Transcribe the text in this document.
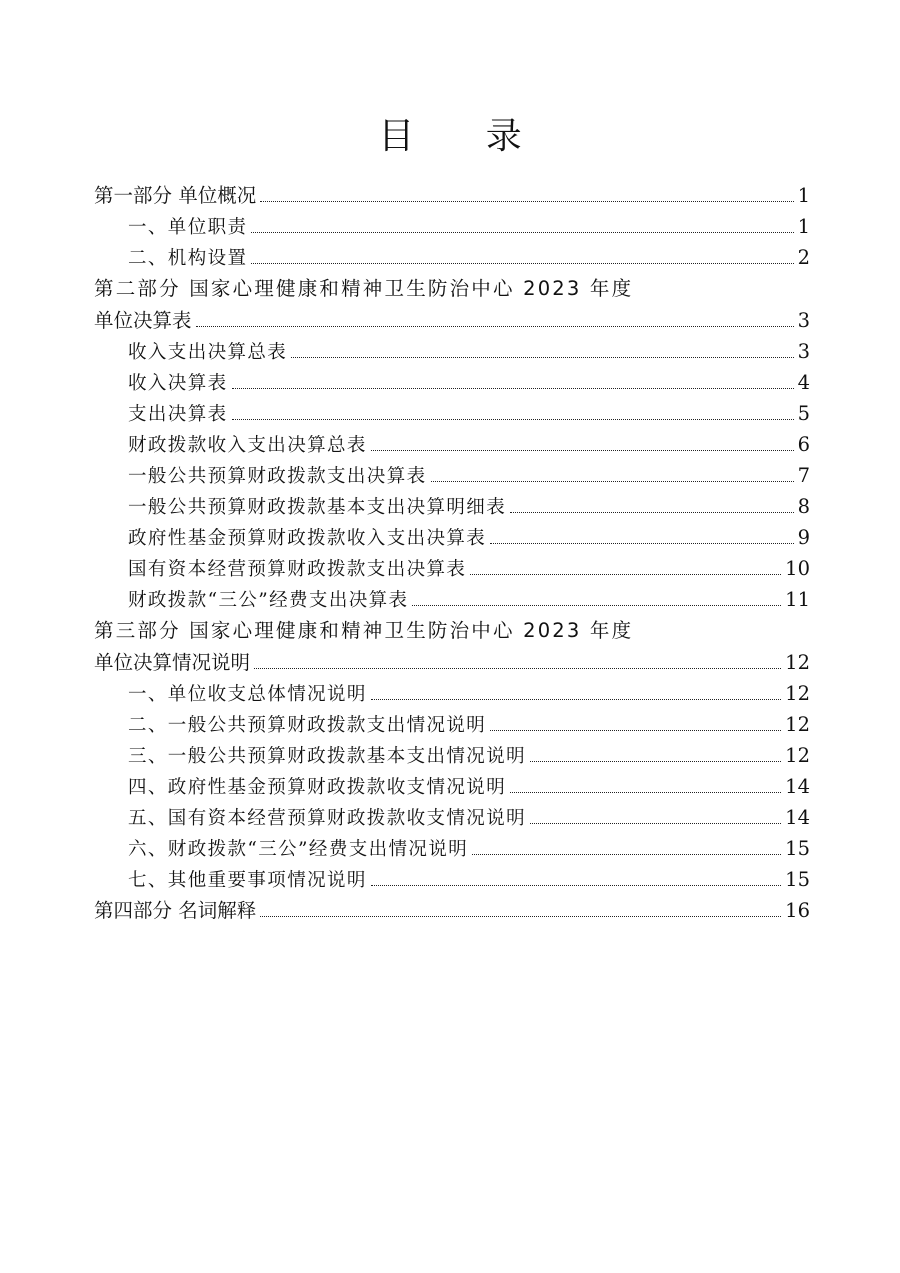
目 录
第一部分 单位概况	1
一、单位职责	1
二、机构设置	2
第二部分 国家心理健康和精神卫生防治中心 2023 年度
单位决算表	3
收入支出决算总表	3
收入决算表	4
支出决算表	5
财政拨款收入支出决算总表	6
一般公共预算财政拨款支出决算表	7
一般公共预算财政拨款基本支出决算明细表	8
政府性基金预算财政拨款收入支出决算表	9
国有资本经营预算财政拨款支出决算表	10
财政拨款“三公”经费支出决算表	11
第三部分 国家心理健康和精神卫生防治中心 2023 年度
单位决算情况说明	12
一、单位收支总体情况说明	12
二、一般公共预算财政拨款支出情况说明	12
三、一般公共预算财政拨款基本支出情况说明	12
四、政府性基金预算财政拨款收支情况说明	14
五、国有资本经营预算财政拨款收支情况说明	14
六、财政拨款“三公”经费支出情况说明	15
七、其他重要事项情况说明	15
第四部分 名词解释	16
